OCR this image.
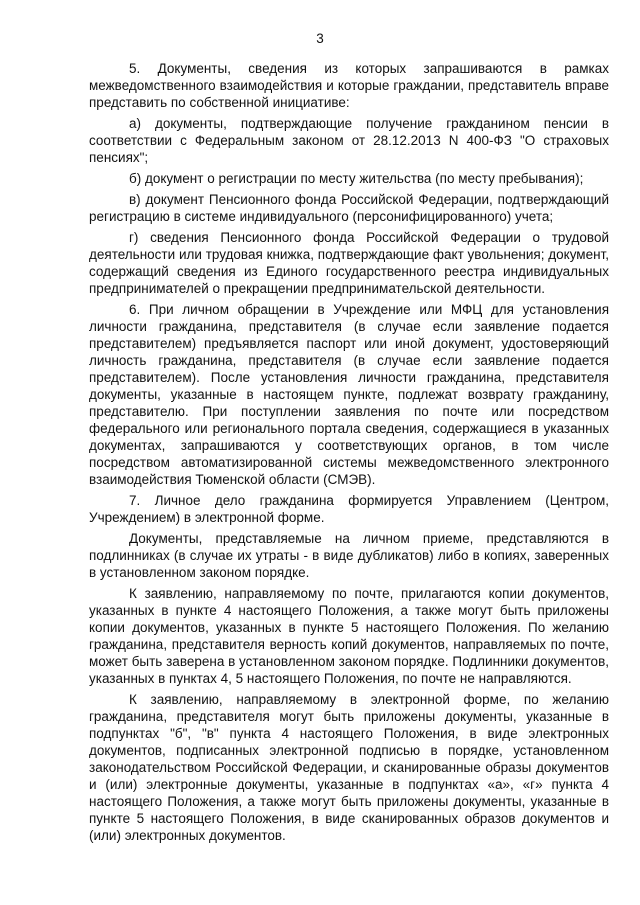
3

5. Документы, сведения из которых запрашиваются в рамках межведомственного взаимодействия и которые граждании, представитель вправе представить по собственной инициативе:

а) документы, подтверждающие получение гражданином пенсии в соответствии с Федеральным законом от 28.12.2013 N 400-ФЗ "О страховых пенсиях";

б) документ о регистрации по месту жительства (по месту пребывания);

в) документ Пенсионного фонда Российской Федерации, подтверждающий регистрацию в системе индивидуального (персонифицированного) учета;

г) сведения Пенсионного фонда Российской Федерации о трудовой деятельности или трудовая книжка, подтверждающие факт увольнения; документ, содержащий сведения из Единого государственного реестра индивидуальных предпринимателей о прекращении предпринимательской деятельности.

6. При личном обращении в Учреждение или МФЦ для установления личности гражданина, представителя (в случае если заявление подается представителем) предъявляется паспорт или иной документ, удостоверяющий личность гражданина, представителя (в случае если заявление подается представителем). После установления личности гражданина, представителя документы, указанные в настоящем пункте, подлежат возврату гражданину, представителю. При поступлении заявления по почте или посредством федерального или регионального портала сведения, содержащиеся в указанных документах, запрашиваются у соответствующих органов, в том числе посредством автоматизированной системы межведомственного электронного взаимодействия Тюменской области (СМЭВ).

7. Личное дело гражданина формируется Управлением (Центром, Учреждением) в электронной форме.

Документы, представляемые на личном приеме, представляются в подлинниках (в случае их утраты - в виде дубликатов) либо в копиях, заверенных в установленном законом порядке.

К заявлению, направляемому по почте, прилагаются копии документов, указанных в пункте 4 настоящего Положения, а также могут быть приложены копии документов, указанных в пункте 5 настоящего Положения. По желанию гражданина, представителя верность копий документов, направляемых по почте, может быть заверена в установленном законом порядке. Подлинники документов, указанных в пунктах 4, 5 настоящего Положения, по почте не направляются.

К заявлению, направляемому в электронной форме, по желанию гражданина, представителя могут быть приложены документы, указанные в подпунктах "б", "в" пункта 4 настоящего Положения, в виде электронных документов, подписанных электронной подписью в порядке, установленном законодательством Российской Федерации, и сканированные образы документов и (или) электронные документы, указанные в подпунктах «а», «г» пункта 4 настоящего Положения, а также могут быть приложены документы, указанные в пункте 5 настоящего Положения, в виде сканированных образов документов и (или) электронных документов.
